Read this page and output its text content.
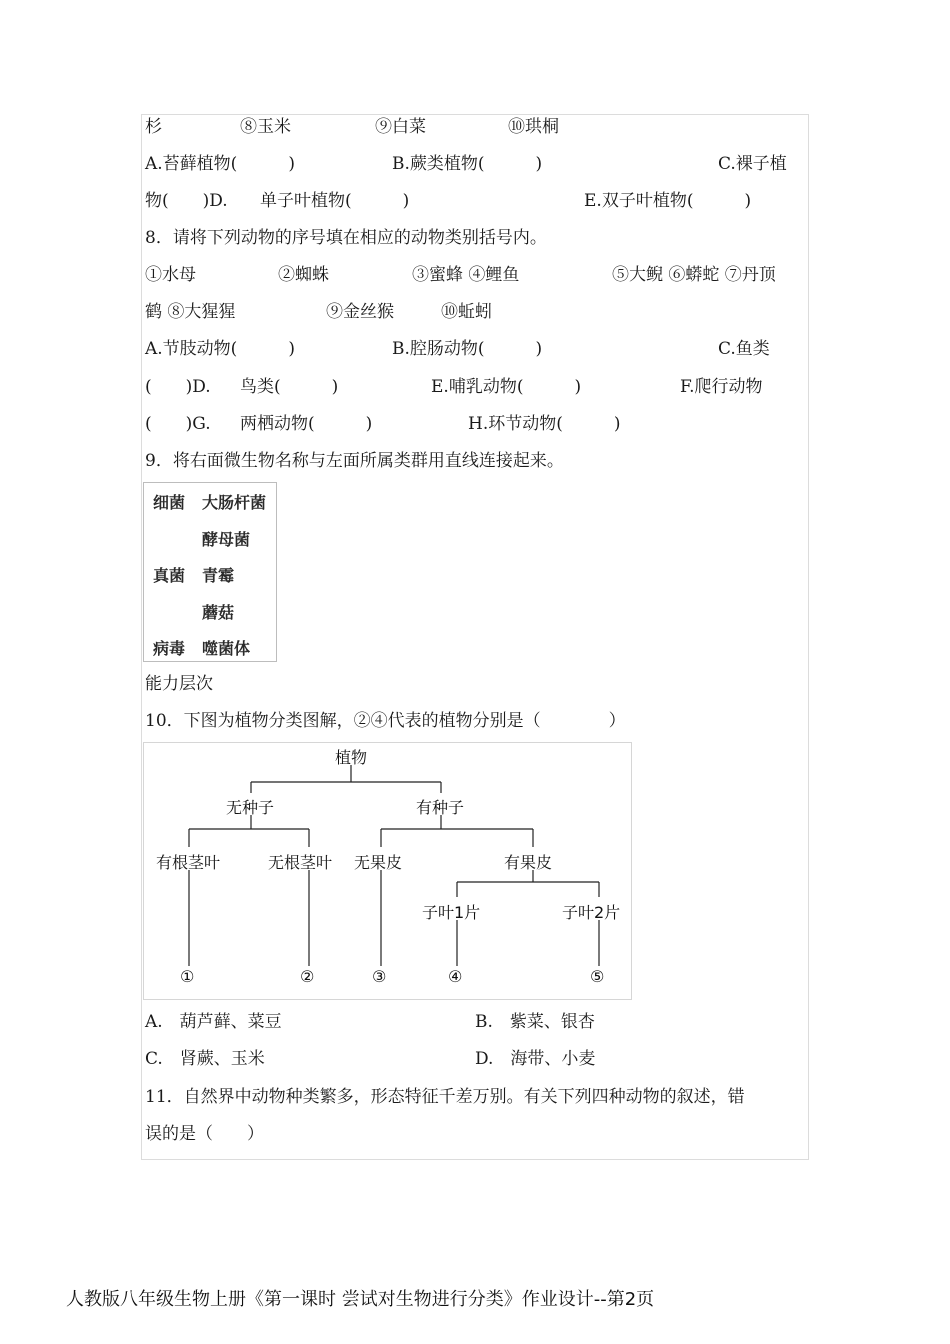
杉	⑧玉米	⑨白菜	⑩珙桐
A.苔藓植物(　　　)	B.蕨类植物(　　　)	C.裸子植
物(　　)D. 单子叶植物(　　　)	E.双子叶植物(　　　)
8．请将下列动物的序号填在相应的动物类别括号内。
①水母	②蜘蛛	③蜜蜂 ④鲤鱼	⑤大鲵 ⑥蟒蛇 ⑦丹顶
鹤 ⑧大猩猩	⑨金丝猴	⑩蚯蚓
A.节肢动物(　　　)	B.腔肠动物(　　　)	C.鱼类
(　　)D. 鸟类(　　　)	E.哺乳动物(　　　)	F.爬行动物
(　　)G. 两栖动物(　　　)	H.环节动物(　　　)
9．将右面微生物名称与左面所属类群用直线连接起来。
细菌 大肠杆菌
酵母菌
真菌 青霉
蘑菇
病毒 噬菌体
能力层次
10．下图为植物分类图解，②④代表的植物分别是（　　　　）
植物
无种子	有种子
有根茎叶	无根茎叶 无果皮	有果皮
子叶1片	子叶2片
①	②	③	④	⑤
A.　葫芦藓、菜豆	B.　紫菜、银杏
C.　肾蕨、玉米	D.　海带、小麦
11．自然界中动物种类繁多，形态特征千差万别。有关下列四种动物的叙述，错
误的是（　　）
人教版八年级生物上册《第一课时 尝试对生物进行分类》作业设计--第2页
